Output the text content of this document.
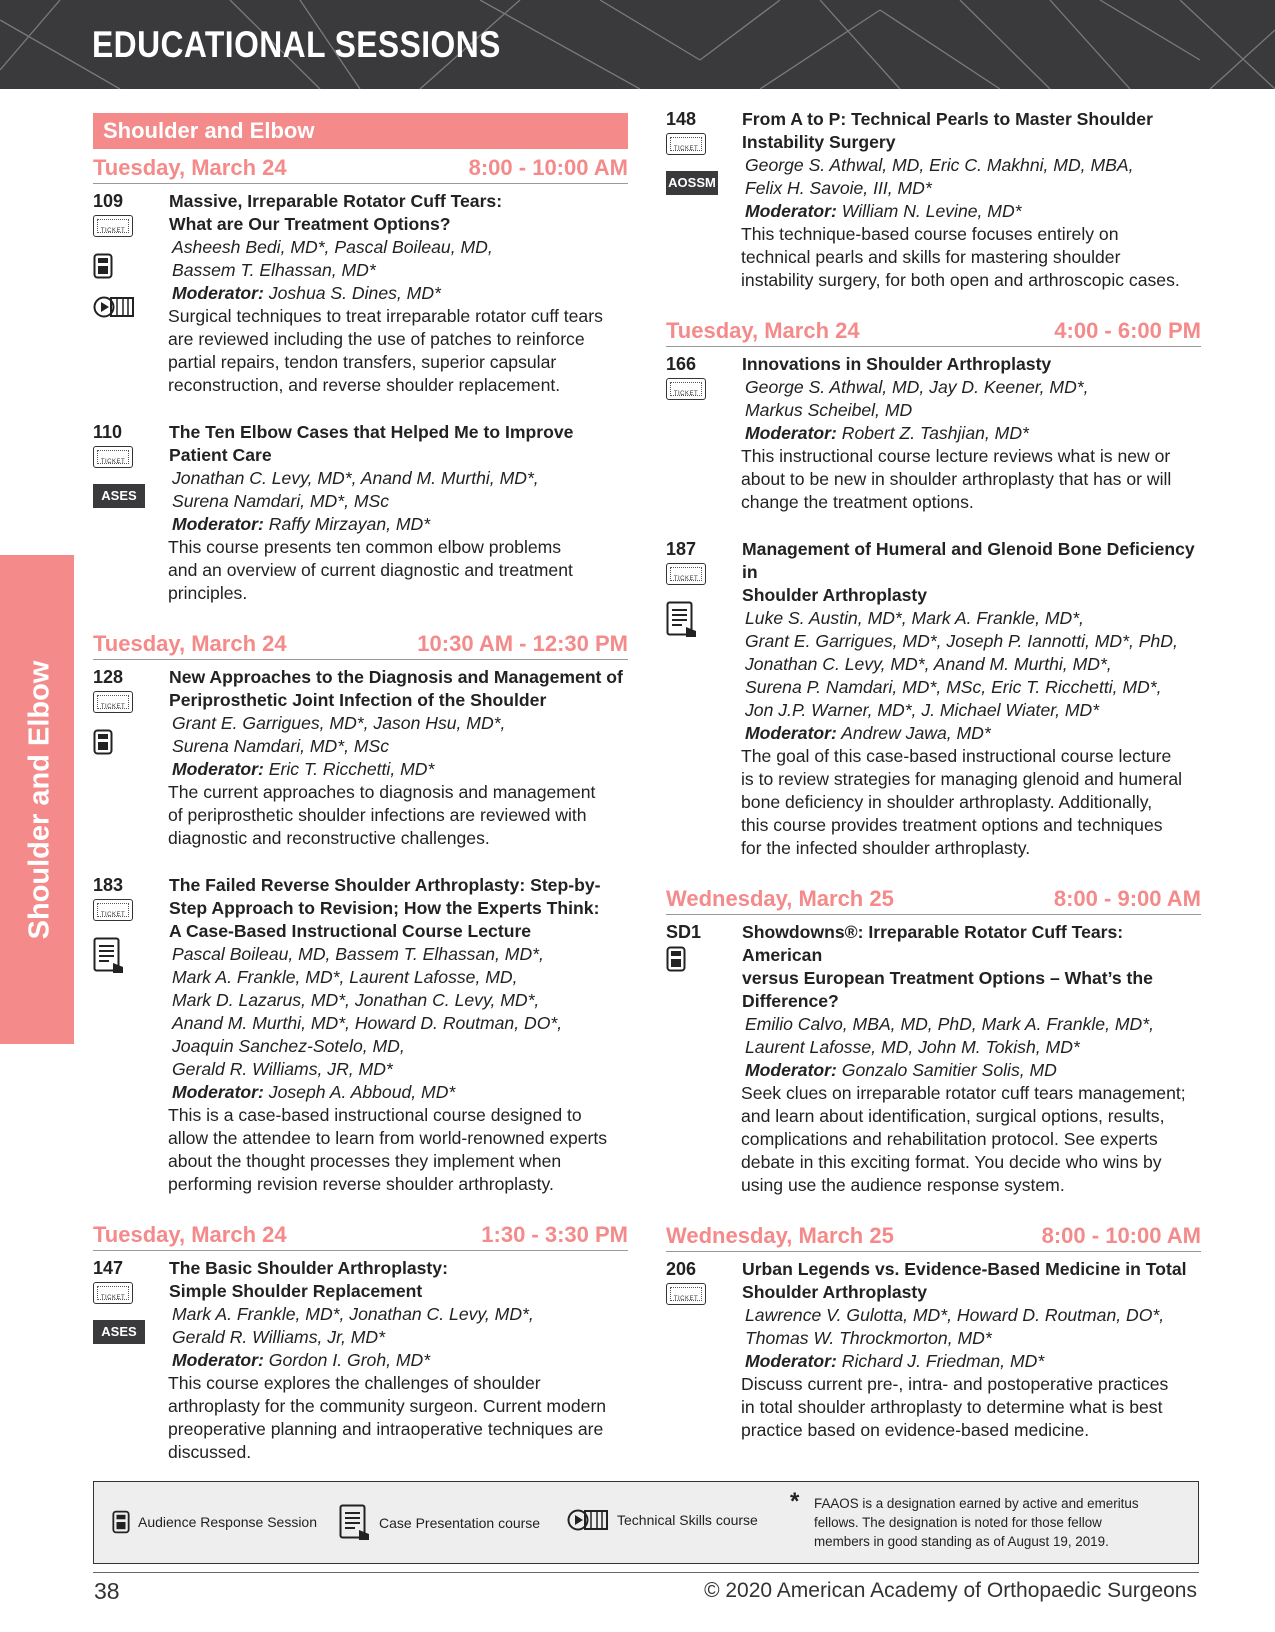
EDUCATIONAL SESSIONS
Shoulder and Elbow
Shoulder and Elbow
Tuesday, March 24	8:00 - 10:00 AM
109
TICKET
Massive, Irreparable Rotator Cuff Tears:
What are Our Treatment Options?
Asheesh Bedi, MD*, Pascal Boileau, MD,
Bassem T. Elhassan, MD*
Moderator: Joshua S. Dines, MD*
Surgical techniques to treat irreparable rotator cuff tears
are reviewed including the use of patches to reinforce
partial repairs, tendon transfers, superior capsular
reconstruction, and reverse shoulder replacement.
110
TICKET
ASES
The Ten Elbow Cases that Helped Me to Improve
Patient Care
Jonathan C. Levy, MD*, Anand M. Murthi, MD*,
Surena Namdari, MD*, MSc
Moderator: Raffy Mirzayan, MD*
This course presents ten common elbow problems
and an overview of current diagnostic and treatment
principles.
Tuesday, March 24	10:30 AM - 12:30 PM
128
TICKET
New Approaches to the Diagnosis and Management of
Periprosthetic Joint Infection of the Shoulder
Grant E. Garrigues, MD*, Jason Hsu, MD*,
Surena Namdari, MD*, MSc
Moderator: Eric T. Ricchetti, MD*
The current approaches to diagnosis and management
of periprosthetic shoulder infections are reviewed with
diagnostic and reconstructive challenges.
183
TICKET
The Failed Reverse Shoulder Arthroplasty: Step-by-
Step Approach to Revision; How the Experts Think:
A Case-Based Instructional Course Lecture
Pascal Boileau, MD, Bassem T. Elhassan, MD*,
Mark A. Frankle, MD*, Laurent Lafosse, MD,
Mark D. Lazarus, MD*, Jonathan C. Levy, MD*,
Anand M. Murthi, MD*, Howard D. Routman, DO*,
Joaquin Sanchez-Sotelo, MD,
Gerald R. Williams, JR, MD*
Moderator: Joseph A. Abboud, MD*
This is a case-based instructional course designed to
allow the attendee to learn from world-renowned experts
about the thought processes they implement when
performing revision reverse shoulder arthroplasty.
Tuesday, March 24	1:30 - 3:30 PM
147
TICKET
ASES
The Basic Shoulder Arthroplasty:
Simple Shoulder Replacement
Mark A. Frankle, MD*, Jonathan C. Levy, MD*,
Gerald R. Williams, Jr, MD*
Moderator: Gordon I. Groh, MD*
This course explores the challenges of shoulder
arthroplasty for the community surgeon. Current modern
preoperative planning and intraoperative techniques are
discussed.
148
TICKET
AOSSM
From A to P: Technical Pearls to Master Shoulder
Instability Surgery
George S. Athwal, MD, Eric C. Makhni, MD, MBA,
Felix H. Savoie, III, MD*
Moderator: William N. Levine, MD*
This technique-based course focuses entirely on
technical pearls and skills for mastering shoulder
instability surgery, for both open and arthroscopic cases.
Tuesday, March 24	4:00 - 6:00 PM
166
TICKET
Innovations in Shoulder Arthroplasty
George S. Athwal, MD, Jay D. Keener, MD*,
Markus Scheibel, MD
Moderator: Robert Z. Tashjian, MD*
This instructional course lecture reviews what is new or
about to be new in shoulder arthroplasty that has or will
change the treatment options.
187
TICKET
Management of Humeral and Glenoid Bone Deficiency in
Shoulder Arthroplasty
Luke S. Austin, MD*, Mark A. Frankle, MD*,
Grant E. Garrigues, MD*, Joseph P. Iannotti, MD*, PhD,
Jonathan C. Levy, MD*, Anand M. Murthi, MD*,
Surena P. Namdari, MD*, MSc, Eric T. Ricchetti, MD*,
Jon J.P. Warner, MD*, J. Michael Wiater, MD*
Moderator: Andrew Jawa, MD*
The goal of this case-based instructional course lecture
is to review strategies for managing glenoid and humeral
bone deficiency in shoulder arthroplasty. Additionally,
this course provides treatment options and techniques
for the infected shoulder arthroplasty.
Wednesday, March 25	8:00 - 9:00 AM
SD1 Showdowns®: Irreparable Rotator Cuff Tears: American
versus European Treatment Options – What’s the
Difference?
Emilio Calvo, MBA, MD, PhD, Mark A. Frankle, MD*,
Laurent Lafosse, MD, John M. Tokish, MD*
Moderator: Gonzalo Samitier Solis, MD
Seek clues on irreparable rotator cuff tears management;
and learn about identification, surgical options, results,
complications and rehabilitation protocol. See experts
debate in this exciting format. You decide who wins by
using use the audience response system.
Wednesday, March 25	8:00 - 10:00 AM
206
TICKET
Urban Legends vs. Evidence-Based Medicine in Total
Shoulder Arthroplasty
Lawrence V. Gulotta, MD*, Howard D. Routman, DO*,
Thomas W. Throckmorton, MD*
Moderator: Richard J. Friedman, MD*
Discuss current pre-, intra- and postoperative practices
in total shoulder arthroplasty to determine what is best
practice based on evidence-based medicine.
Audience Response Session	Case Presentation course	Technical Skills course
* FAAOS is a designation earned by active and emeritus
fellows. The designation is noted for those fellow
members in good standing as of August 19, 2019.
38	© 2020 American Academy of Orthopaedic Surgeons
